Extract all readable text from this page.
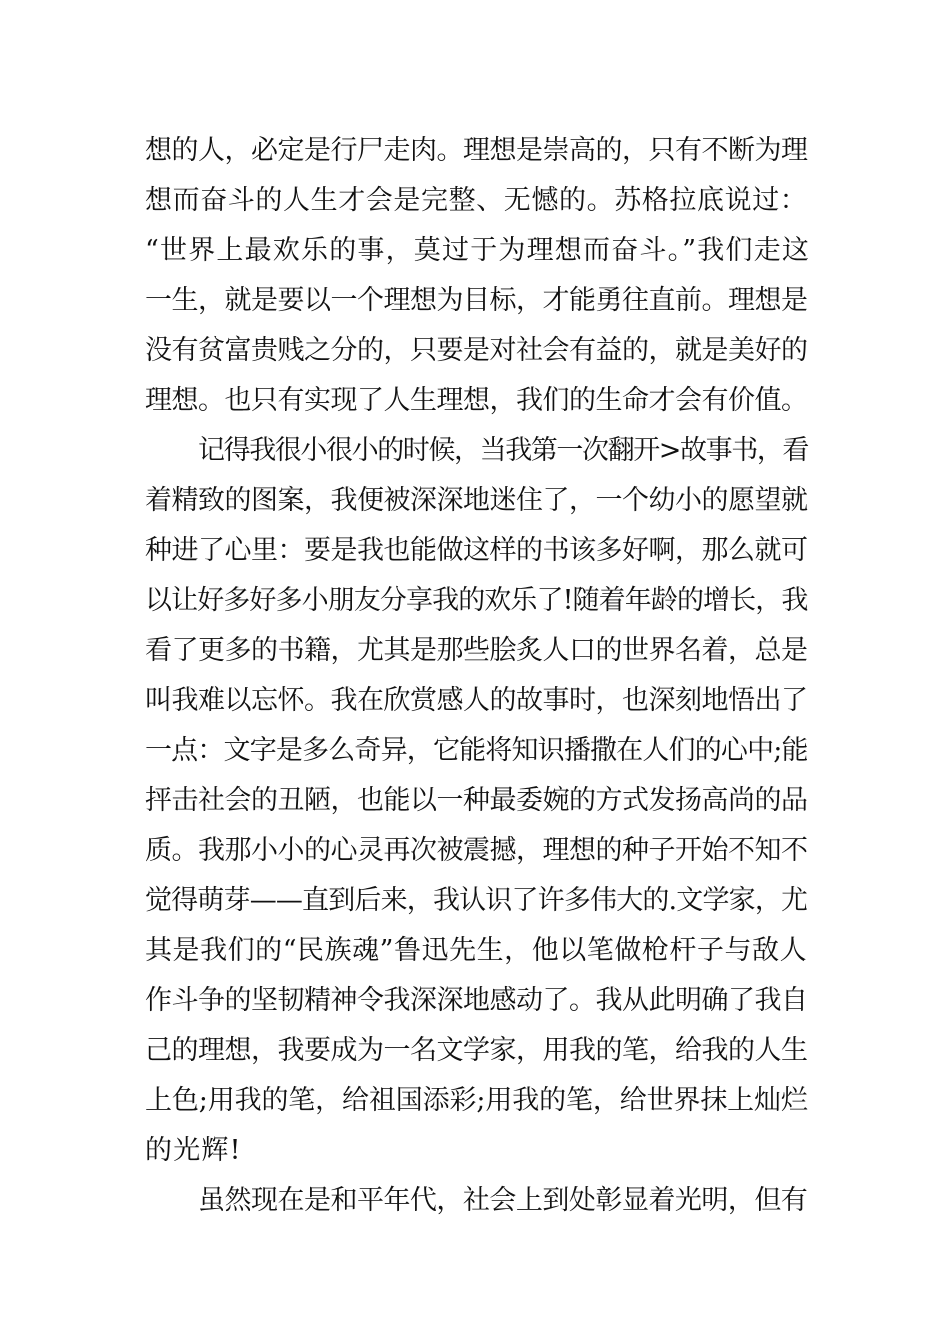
想的人，必定是行尸走肉。理想是崇高的，只有不断为理
想而奋斗的人生才会是完整、无憾的。苏格拉底说过：
“世界上最欢乐的事，莫过于为理想而奋斗。”我们走这
一生，就是要以一个理想为目标，才能勇往直前。理想是
没有贫富贵贱之分的，只要是对社会有益的，就是美好的
理想。也只有实现了人生理想，我们的生命才会有价值。
记得我很小很小的时候，当我第一次翻开>故事书，看
着精致的图案，我便被深深地迷住了，一个幼小的愿望就
种进了心里：要是我也能做这样的书该多好啊，那么就可
以让好多好多小朋友分享我的欢乐了!随着年龄的增长，我
看了更多的书籍，尤其是那些脍炙人口的世界名着，总是
叫我难以忘怀。我在欣赏感人的故事时，也深刻地悟出了
一点：文字是多么奇异，它能将知识播撒在人们的心中;能
抨击社会的丑陋，也能以一种最委婉的方式发扬高尚的品
质。我那小小的心灵再次被震撼，理想的种子开始不知不
觉得萌芽——直到后来，我认识了许多伟大的.文学家，尤
其是我们的“民族魂”鲁迅先生，他以笔做枪杆子与敌人
作斗争的坚韧精神令我深深地感动了。我从此明确了我自
己的理想，我要成为一名文学家，用我的笔，给我的人生
上色;用我的笔，给祖国添彩;用我的笔，给世界抹上灿烂
的光辉!
虽然现在是和平年代，社会上到处彰显着光明，但有
